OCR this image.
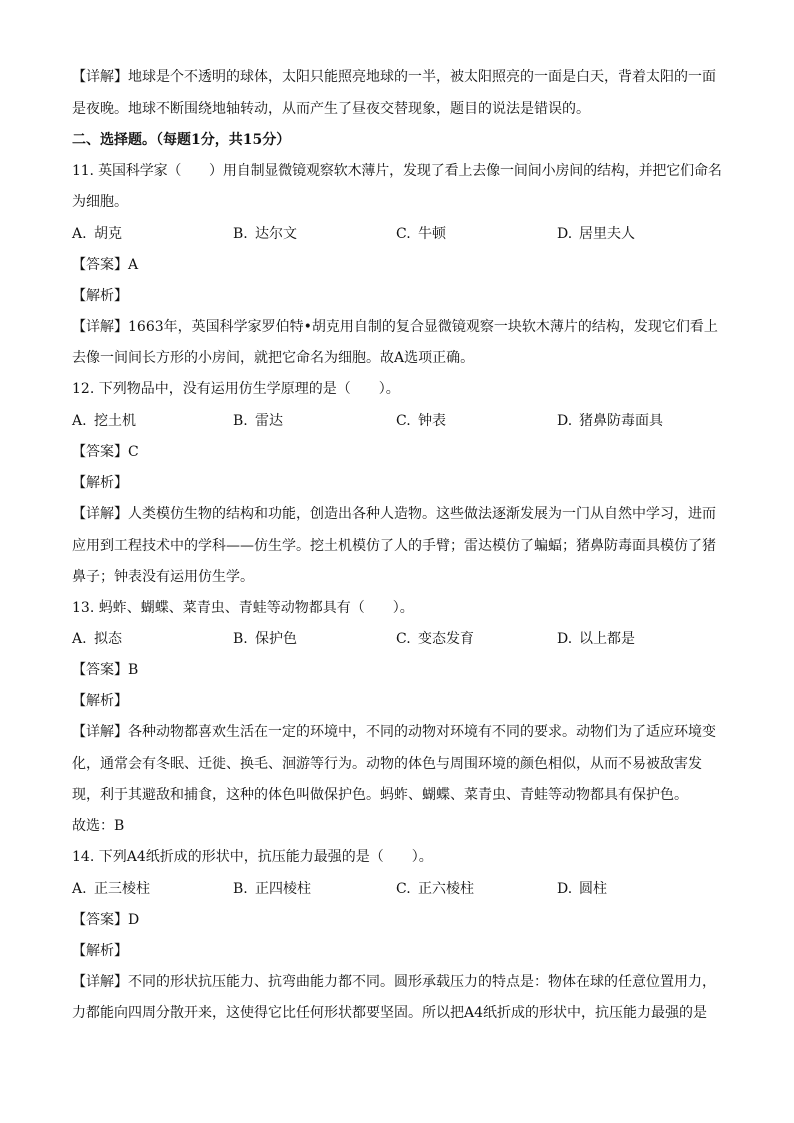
【详解】地球是个不透明的球体，太阳只能照亮地球的一半，被太阳照亮的一面是白天，背着太阳的一面
是夜晚。地球不断围绕地轴转动，从而产生了昼夜交替现象，题目的说法是错误的。
二、选择题。（每题1分，共15分）
11. 英国科学家（　　）用自制显微镜观察软木薄片，发现了看上去像一间间小房间的结构，并把它们命名
为细胞。
A. 胡克	B. 达尔文	C. 牛顿	D. 居里夫人
【答案】A
【解析】
【详解】1663年，英国科学家罗伯特•胡克用自制的复合显微镜观察一块软木薄片的结构，发现它们看上
去像一间间长方形的小房间，就把它命名为细胞。故A选项正确。
12. 下列物品中，没有运用仿生学原理的是（　　）。
A. 挖土机	B. 雷达	C. 钟表	D. 猪鼻防毒面具
【答案】C
【解析】
【详解】人类模仿生物的结构和功能，创造出各种人造物。这些做法逐渐发展为一门从自然中学习，进而
应用到工程技术中的学科——仿生学。挖土机模仿了人的手臂；雷达模仿了蝙蝠；猪鼻防毒面具模仿了猪
鼻子；钟表没有运用仿生学。
13. 蚂蚱、蝴蝶、菜青虫、青蛙等动物都具有（　　）。
A. 拟态	B. 保护色	C. 变态发育	D. 以上都是
【答案】B
【解析】
【详解】各种动物都喜欢生活在一定的环境中，不同的动物对环境有不同的要求。动物们为了适应环境变
化，通常会有冬眠、迁徙、换毛、洄游等行为。动物的体色与周围环境的颜色相似，从而不易被敌害发
现，利于其避敌和捕食，这种的体色叫做保护色。蚂蚱、蝴蝶、菜青虫、青蛙等动物都具有保护色。
故选：B
14. 下列A4纸折成的形状中，抗压能力最强的是（　　）。
A. 正三棱柱	B. 正四棱柱	C. 正六棱柱	D. 圆柱
【答案】D
【解析】
【详解】不同的形状抗压能力、抗弯曲能力都不同。圆形承载压力的特点是：物体在球的任意位置用力，
力都能向四周分散开来，这使得它比任何形状都要坚固。所以把A4纸折成的形状中，抗压能力最强的是
